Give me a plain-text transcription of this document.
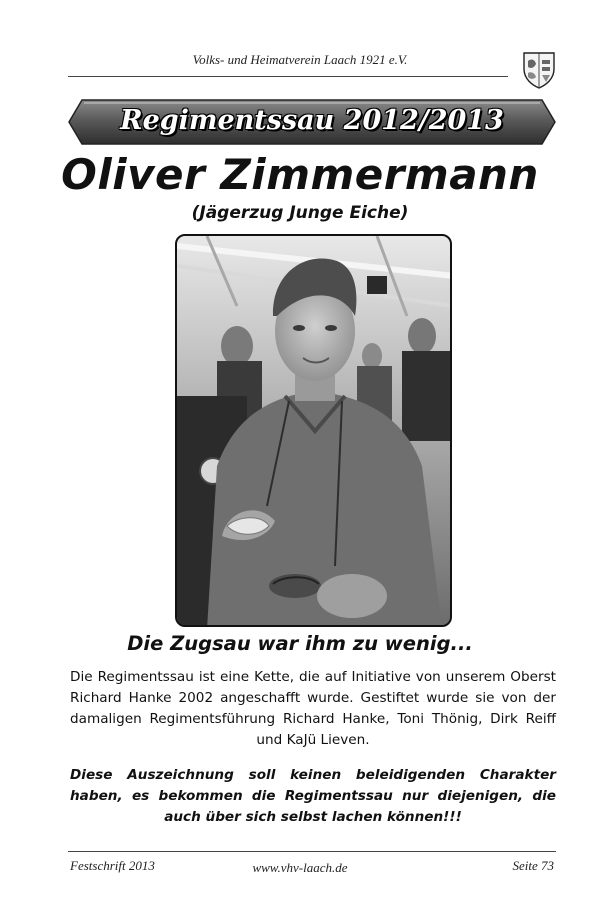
Volks- und Heimatverein Laach 1921 e.V.
Regimentssau 2012/2013
Oliver Zimmermann
(Jägerzug Junge Eiche)
Die Zugsau war ihm zu wenig...
Die Regimentssau ist eine Kette, die auf Initiative von unserem Oberst Richard Hanke 2002 angeschafft wurde. Gestiftet wurde sie von der damaligen Regimentsführung Richard Hanke, Toni Thönig, Dirk Reiff und KaJü Lieven.
Diese Auszeichnung soll keinen beleidigenden Charakter haben, es bekommen die Regimentssau nur diejenigen, die auch über sich selbst lachen können!!!
Festschrift 2013	www.vhv-laach.de	Seite 73
